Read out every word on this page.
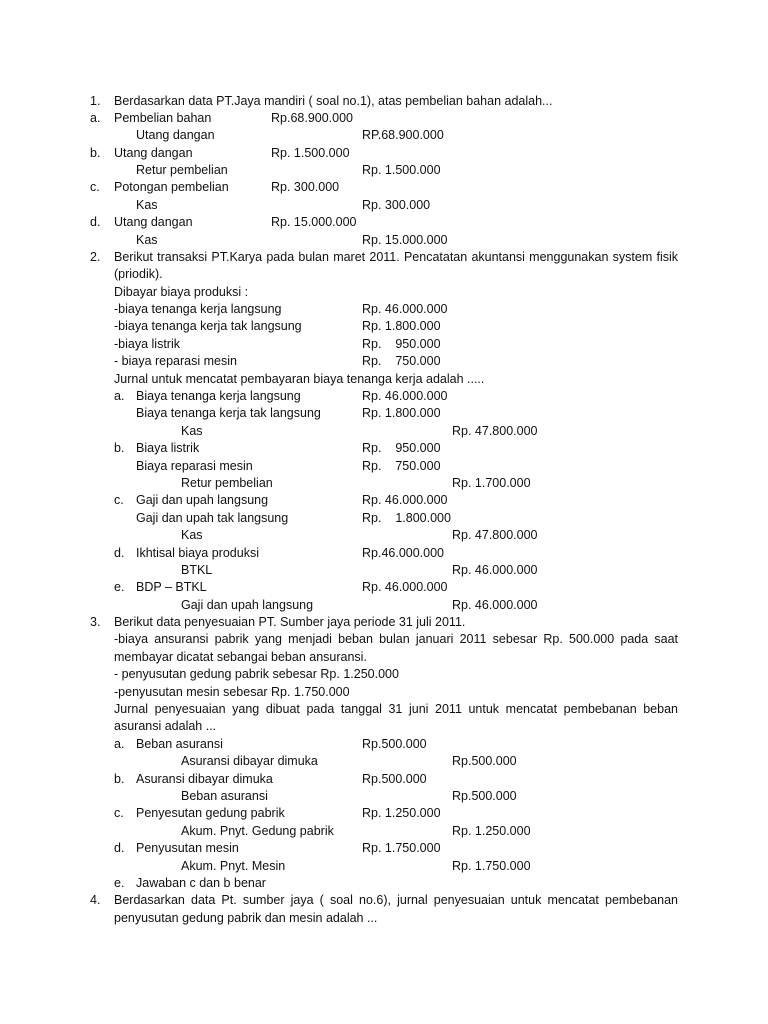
1. Berdasarkan data PT.Jaya mandiri ( soal no.1), atas pembelian bahan adalah...
a. Pembelian bahan	Rp.68.900.000
Utang dangan	RP.68.900.000
b. Utang dangan	Rp. 1.500.000
Retur pembelian	Rp. 1.500.000
c. Potongan pembelian	Rp. 300.000
Kas	Rp. 300.000
d. Utang dangan	Rp. 15.000.000
Kas	Rp. 15.000.000
2. Berikut transaksi PT.Karya pada bulan maret 2011. Pencatatan akuntansi menggunakan system fisik
(priodik).
Dibayar biaya produksi :
-biaya tenanga kerja langsung	Rp. 46.000.000
-biaya tenanga kerja tak langsung	Rp. 1.800.000
-biaya listrik	Rp.    950.000
- biaya reparasi mesin	Rp.    750.000
Jurnal untuk mencatat pembayaran biaya tenanga kerja adalah .....
a. Biaya tenanga kerja langsung	Rp. 46.000.000
Biaya tenanga kerja tak langsung	Rp. 1.800.000
Kas	Rp. 47.800.000
b. Biaya listrik	Rp.    950.000
Biaya reparasi mesin	Rp.    750.000
Retur pembelian	Rp. 1.700.000
c. Gaji dan upah langsung	Rp. 46.000.000
Gaji dan upah tak langsung	Rp.    1.800.000
Kas	Rp. 47.800.000
d. Ikhtisal biaya produksi	Rp.46.000.000
BTKL	Rp. 46.000.000
e. BDP – BTKL	Rp. 46.000.000
Gaji dan upah langsung	Rp. 46.000.000
3. Berikut data penyesuaian PT. Sumber jaya periode 31 juli 2011.
-biaya ansuransi pabrik yang menjadi beban bulan januari 2011 sebesar Rp. 500.000 pada saat
membayar dicatat sebangai beban ansuransi.
- penyusutan gedung pabrik sebesar Rp. 1.250.000
-penyusutan mesin sebesar Rp. 1.750.000
Jurnal penyesuaian yang dibuat pada tanggal 31 juni 2011 untuk mencatat pembebanan beban
asuransi adalah ...
a. Beban asuransi	Rp.500.000
Asuransi dibayar dimuka	Rp.500.000
b. Asuransi dibayar dimuka	Rp.500.000
Beban asuransi	Rp.500.000
c. Penyesutan gedung pabrik	Rp. 1.250.000
Akum. Pnyt. Gedung pabrik	Rp. 1.250.000
d. Penyusutan mesin	Rp. 1.750.000
Akum. Pnyt. Mesin	Rp. 1.750.000
e. Jawaban c dan b benar
4. Berdasarkan data Pt. sumber jaya ( soal no.6), jurnal penyesuaian untuk mencatat pembebanan
penyusutan gedung pabrik dan mesin adalah ...
